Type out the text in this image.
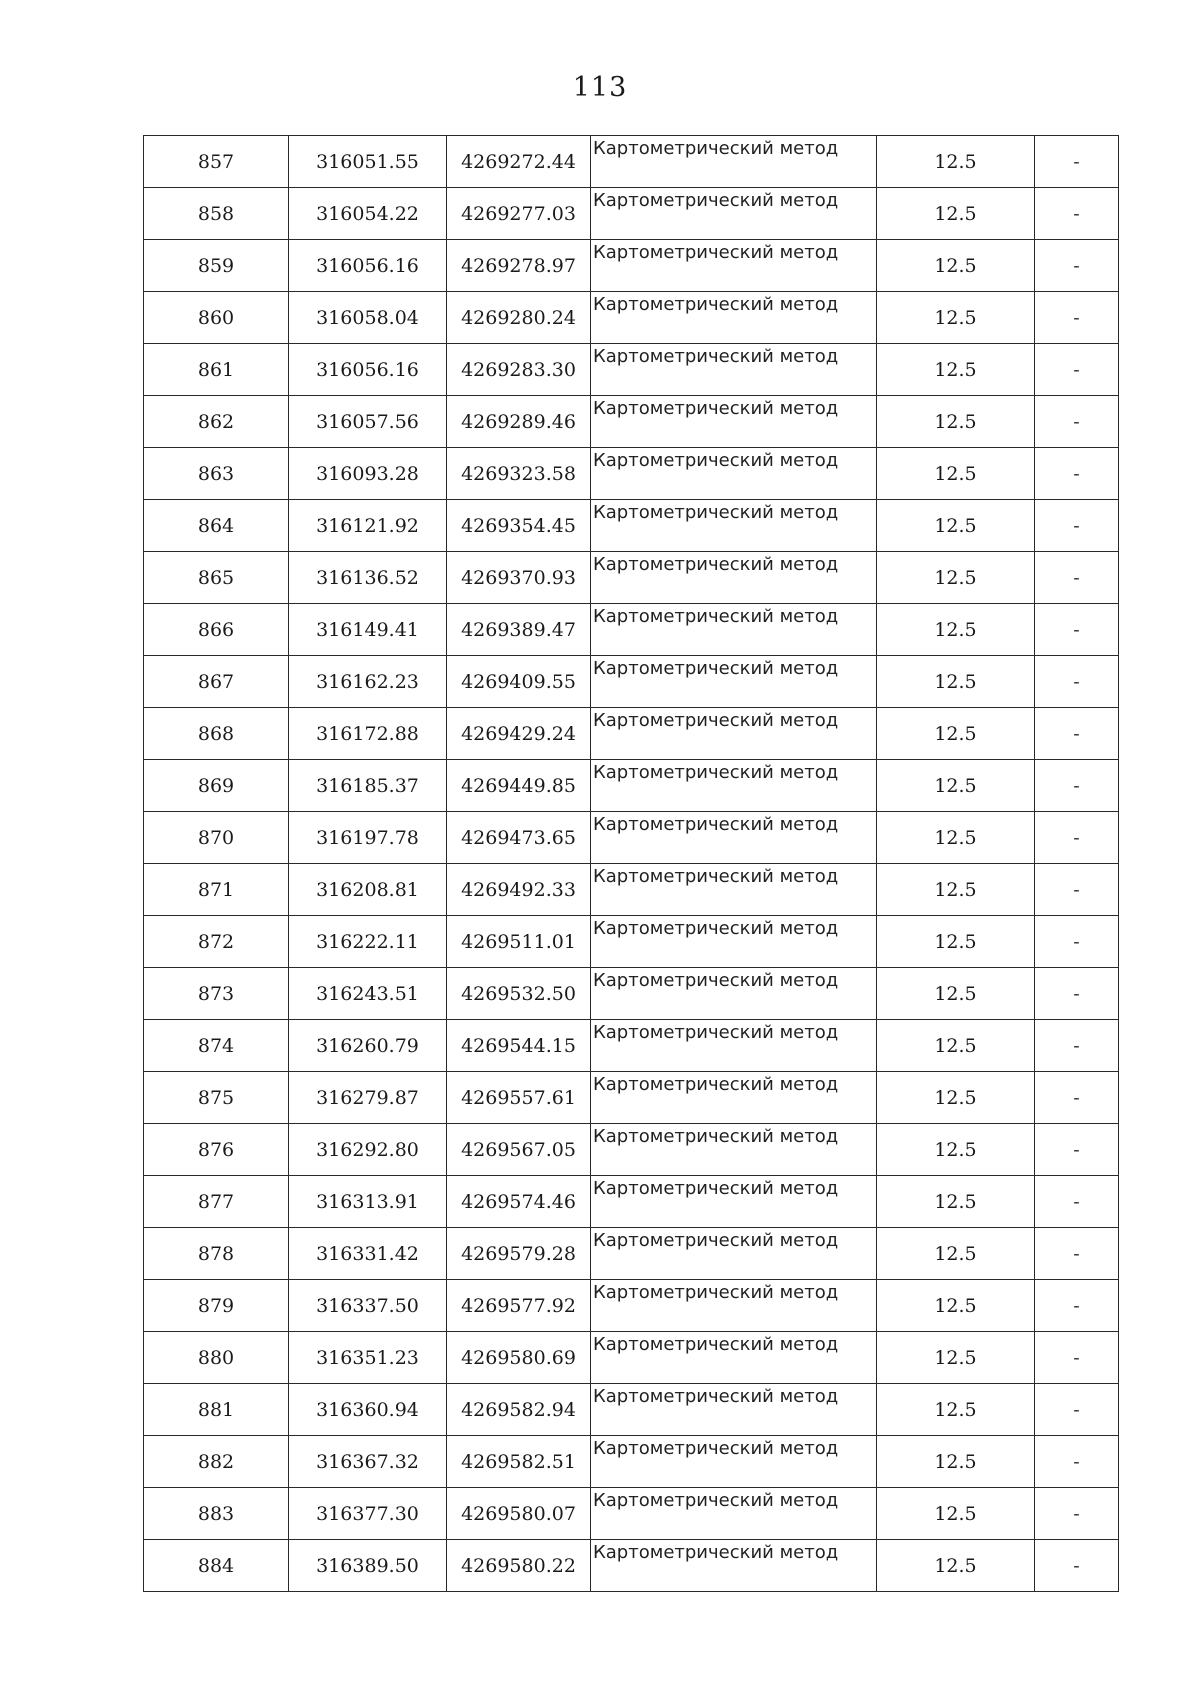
113
857	316051.55	4269272.44	Картометрический метод	12.5	-
858	316054.22	4269277.03	Картометрический метод	12.5	-
859	316056.16	4269278.97	Картометрический метод	12.5	-
860	316058.04	4269280.24	Картометрический метод	12.5	-
861	316056.16	4269283.30	Картометрический метод	12.5	-
862	316057.56	4269289.46	Картометрический метод	12.5	-
863	316093.28	4269323.58	Картометрический метод	12.5	-
864	316121.92	4269354.45	Картометрический метод	12.5	-
865	316136.52	4269370.93	Картометрический метод	12.5	-
866	316149.41	4269389.47	Картометрический метод	12.5	-
867	316162.23	4269409.55	Картометрический метод	12.5	-
868	316172.88	4269429.24	Картометрический метод	12.5	-
869	316185.37	4269449.85	Картометрический метод	12.5	-
870	316197.78	4269473.65	Картометрический метод	12.5	-
871	316208.81	4269492.33	Картометрический метод	12.5	-
872	316222.11	4269511.01	Картометрический метод	12.5	-
873	316243.51	4269532.50	Картометрический метод	12.5	-
874	316260.79	4269544.15	Картометрический метод	12.5	-
875	316279.87	4269557.61	Картометрический метод	12.5	-
876	316292.80	4269567.05	Картометрический метод	12.5	-
877	316313.91	4269574.46	Картометрический метод	12.5	-
878	316331.42	4269579.28	Картометрический метод	12.5	-
879	316337.50	4269577.92	Картометрический метод	12.5	-
880	316351.23	4269580.69	Картометрический метод	12.5	-
881	316360.94	4269582.94	Картометрический метод	12.5	-
882	316367.32	4269582.51	Картометрический метод	12.5	-
883	316377.30	4269580.07	Картометрический метод	12.5	-
884	316389.50	4269580.22	Картометрический метод	12.5	-
